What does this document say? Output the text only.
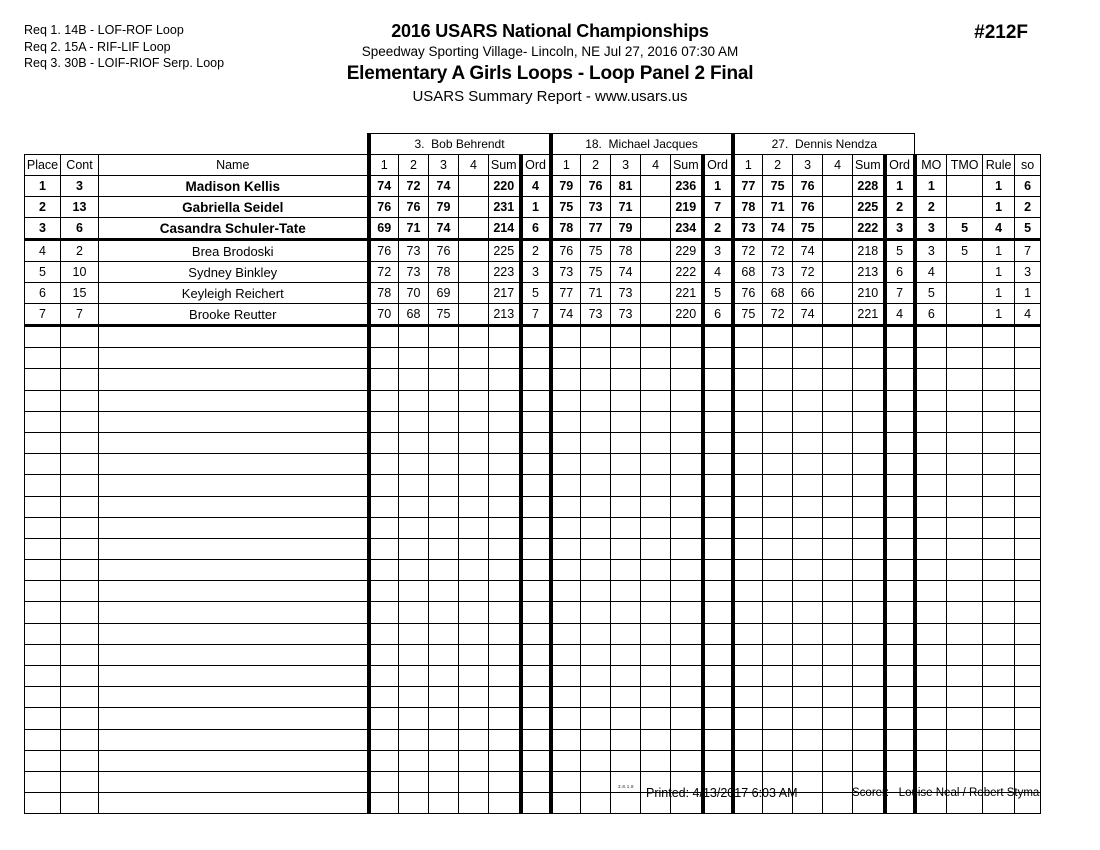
Req 1. 14B - LOF-ROF Loop
Req 2. 15A - RIF-LIF Loop
Req 3. 30B - LOIF-RIOF Serp. Loop
2016 USARS National Championships
Speedway Sporting Village- Lincoln, NE Jul 27, 2016 07:30 AM
Elementary A Girls Loops - Loop Panel 2 Final
USARS Summary Report - www.usars.us
#212F
			3. Bob Behrendt						18. Michael Jacques						27. Dennis Nendza									
Place	Cont	Name	1	2	3	4	Sum	Ord	1	2	3	4	Sum	Ord	1	2	3	4	Sum	Ord	MO	TMO	Rule	so
1	3	Madison Kellis	74	72	74		220	4	79	76	81		236	1	77	75	76		228	1	1		1	6
2	13	Gabriella Seidel	76	76	79		231	1	75	73	71		219	7	78	71	76		225	2	2		1	2
3	6	Casandra Schuler-Tate	69	71	74		214	6	78	77	79		234	2	73	74	75		222	3	3	5	4	5
4	2	Brea Brodoski	76	73	76		225	2	76	75	78		229	3	72	72	74		218	5	3	5	1	7
5	10	Sydney Binkley	72	73	78		223	3	73	75	74		222	4	68	73	72		213	6	4		1	3
6	15	Keyleigh Reichert	78	70	69		217	5	77	71	73		221	5	76	68	66		210	7	5		1	1
7	7	Brooke Reutter	70	68	75		213	7	74	73	73		220	6	75	72	74		221	4	6		1	4

3.8.1.8 Printed: 4/13/2017 6:03 AM	Scorer: Louise Neal / Robert Styma
